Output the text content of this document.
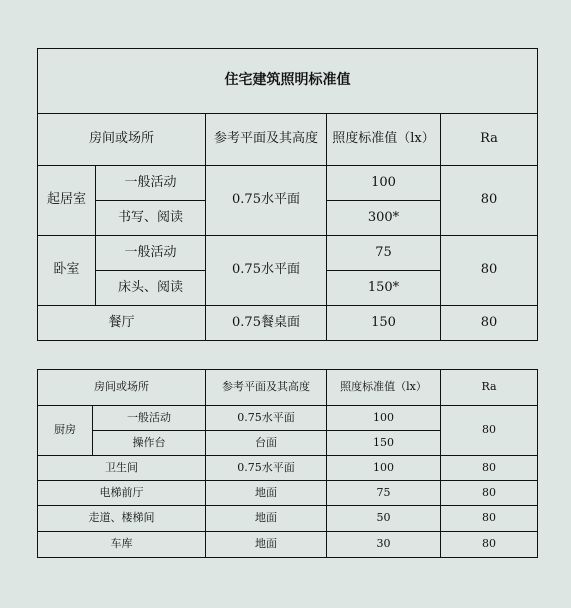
住宅建筑照明标准值				
房间或场所		参考平面及其高度	照度标准值（lx）	Ra
起居室	一般活动	0.75水平面	100	80
	书写、阅读		300*	
卧室	一般活动	0.75水平面	75	80
	床头、阅读		150*	
餐厅		0.75餐桌面	150	80
房间或场所		参考平面及其高度	照度标准值（lx）	Ra
厨房	一般活动	0.75水平面	100	80
	操作台	台面	150	
卫生间		0.75水平面	100	80
电梯前厅		地面	75	80
走道、楼梯间		地面	50	80
车库		地面	30	80
